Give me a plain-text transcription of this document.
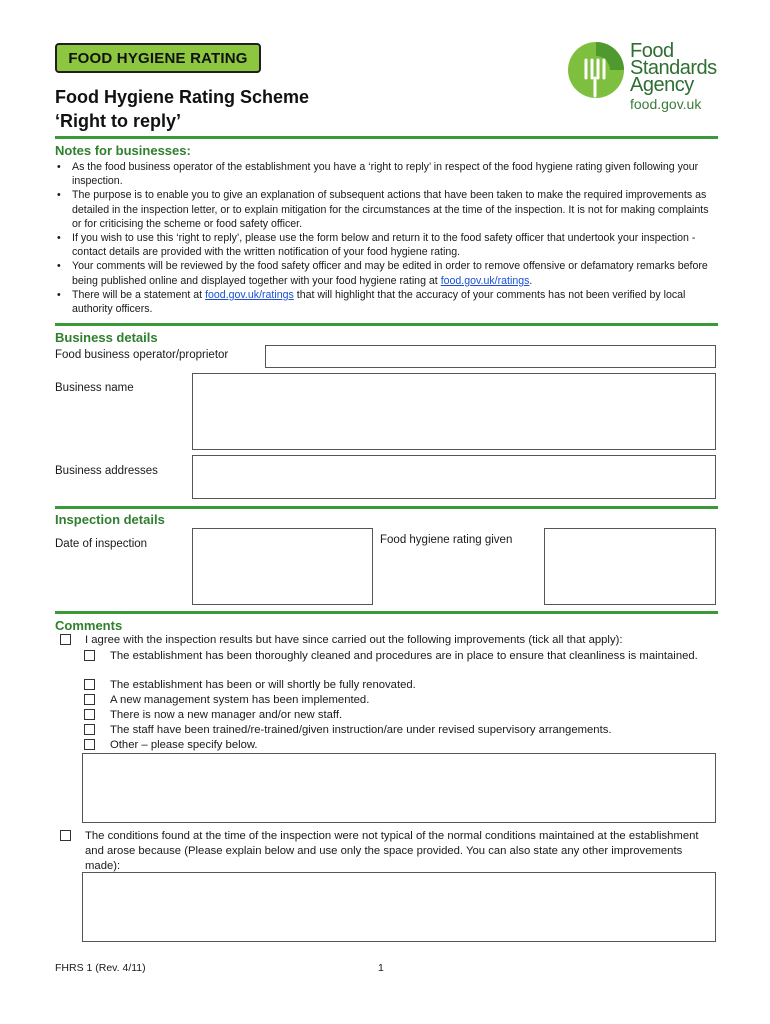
FOOD HYGIENE RATING
Food Hygiene Rating Scheme
‘Right to reply’
Food
Standards
Agency
food.gov.uk
Notes for businesses:
• As the food business operator of the establishment you have a ‘right to reply’ in respect of the food hygiene rating given following your inspection.
• The purpose is to enable you to give an explanation of subsequent actions that have been taken to make the required improvements as detailed in the inspection letter, or to explain mitigation for the circumstances at the time of the inspection. It is not for making complaints or for criticising the scheme or food safety officer.
• If you wish to use this ‘right to reply’, please use the form below and return it to the food safety officer that undertook your inspection - contact details are provided with the written notification of your food hygiene rating.
• Your comments will be reviewed by the food safety officer and may be edited in order to remove offensive or defamatory remarks before being published online and displayed together with your food hygiene rating at food.gov.uk/ratings.
• There will be a statement at food.gov.uk/ratings that will highlight that the accuracy of your comments has not been verified by local authority officers.
Business details
Food business operator/proprietor
Business name
Business addresses
Inspection details
Date of inspection	Food hygiene rating given
Comments
I agree with the inspection results but have since carried out the following improvements (tick all that apply):
The establishment has been thoroughly cleaned and procedures are in place to ensure that cleanliness is maintained.
The establishment has been or will shortly be fully renovated.
A new management system has been implemented.
There is now a new manager and/or new staff.
The staff have been trained/re-trained/given instruction/are under revised supervisory arrangements.
Other – please specify below.
The conditions found at the time of the inspection were not typical of the normal conditions maintained at the establishment and arose because (Please explain below and use only the space provided. You can also state any other improvements made):
FHRS 1 (Rev. 4/11)	1
